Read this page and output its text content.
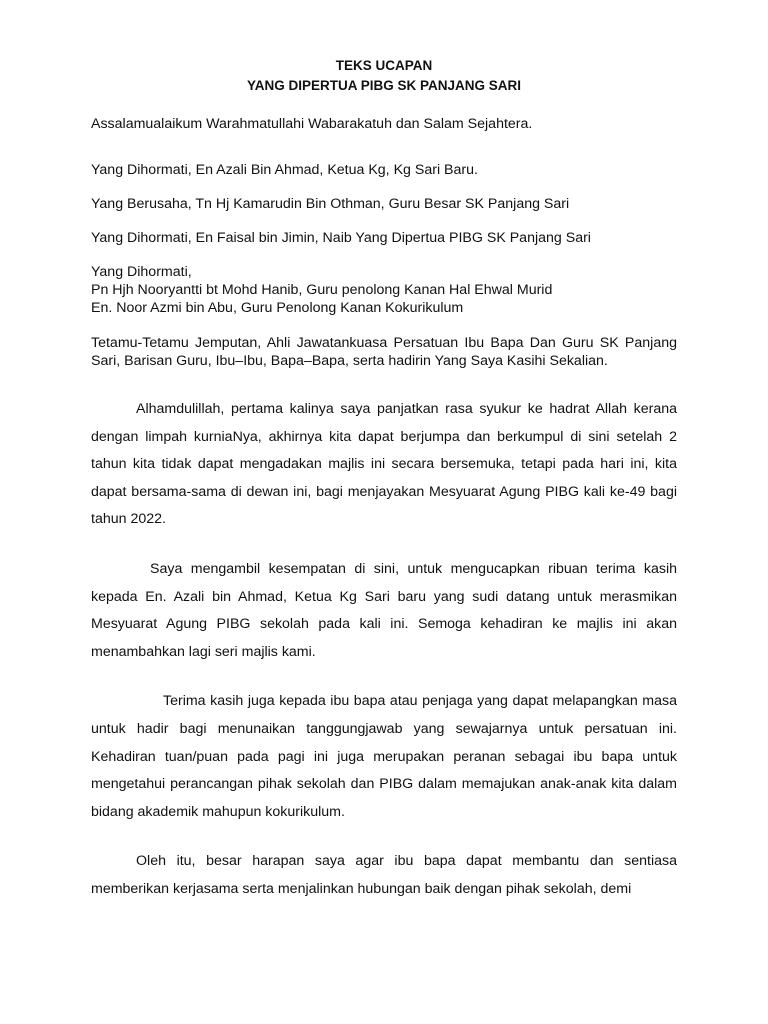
TEKS UCAPAN

YANG DIPERTUA PIBG SK PANJANG SARI

Assalamualaikum Warahmatullahi Wabarakatuh dan Salam Sejahtera.

Yang Dihormati, En Azali Bin Ahmad, Ketua Kg, Kg Sari Baru.

Yang Berusaha, Tn Hj Kamarudin Bin Othman, Guru Besar SK Panjang Sari

Yang Dihormati, En Faisal bin Jimin, Naib Yang Dipertua PIBG SK Panjang Sari

Yang Dihormati,

Pn Hjh Nooryantti bt Mohd Hanib, Guru penolong Kanan Hal Ehwal Murid

En. Noor Azmi bin Abu, Guru Penolong Kanan Kokurikulum

Tetamu-Tetamu Jemputan, Ahli Jawatankuasa Persatuan Ibu Bapa Dan Guru SK Panjang Sari, Barisan Guru, Ibu–Ibu, Bapa–Bapa, serta hadirin Yang Saya Kasihi Sekalian.

Alhamdulillah, pertama kalinya saya panjatkan rasa syukur ke hadrat Allah kerana dengan limpah kurniaNya, akhirnya kita dapat berjumpa dan berkumpul di sini setelah 2 tahun kita tidak dapat mengadakan majlis ini secara bersemuka, tetapi pada hari ini, kita dapat bersama-sama di dewan ini, bagi menjayakan Mesyuarat Agung PIBG kali ke-49 bagi tahun 2022.

Saya mengambil kesempatan di sini, untuk mengucapkan ribuan terima kasih kepada En. Azali bin Ahmad, Ketua Kg Sari baru yang sudi datang untuk merasmikan Mesyuarat Agung PIBG sekolah pada kali ini. Semoga kehadiran ke majlis ini akan menambahkan lagi seri majlis kami.

Terima kasih juga kepada ibu bapa atau penjaga yang dapat melapangkan masa untuk hadir bagi menunaikan tanggungjawab yang sewajarnya untuk persatuan ini. Kehadiran tuan/puan pada pagi ini juga merupakan peranan sebagai ibu bapa untuk mengetahui perancangan pihak sekolah dan PIBG dalam memajukan anak-anak kita dalam bidang akademik mahupun kokurikulum.

Oleh itu, besar harapan saya agar ibu bapa dapat membantu dan sentiasa memberikan kerjasama serta menjalinkan hubungan baik dengan pihak sekolah, demi
